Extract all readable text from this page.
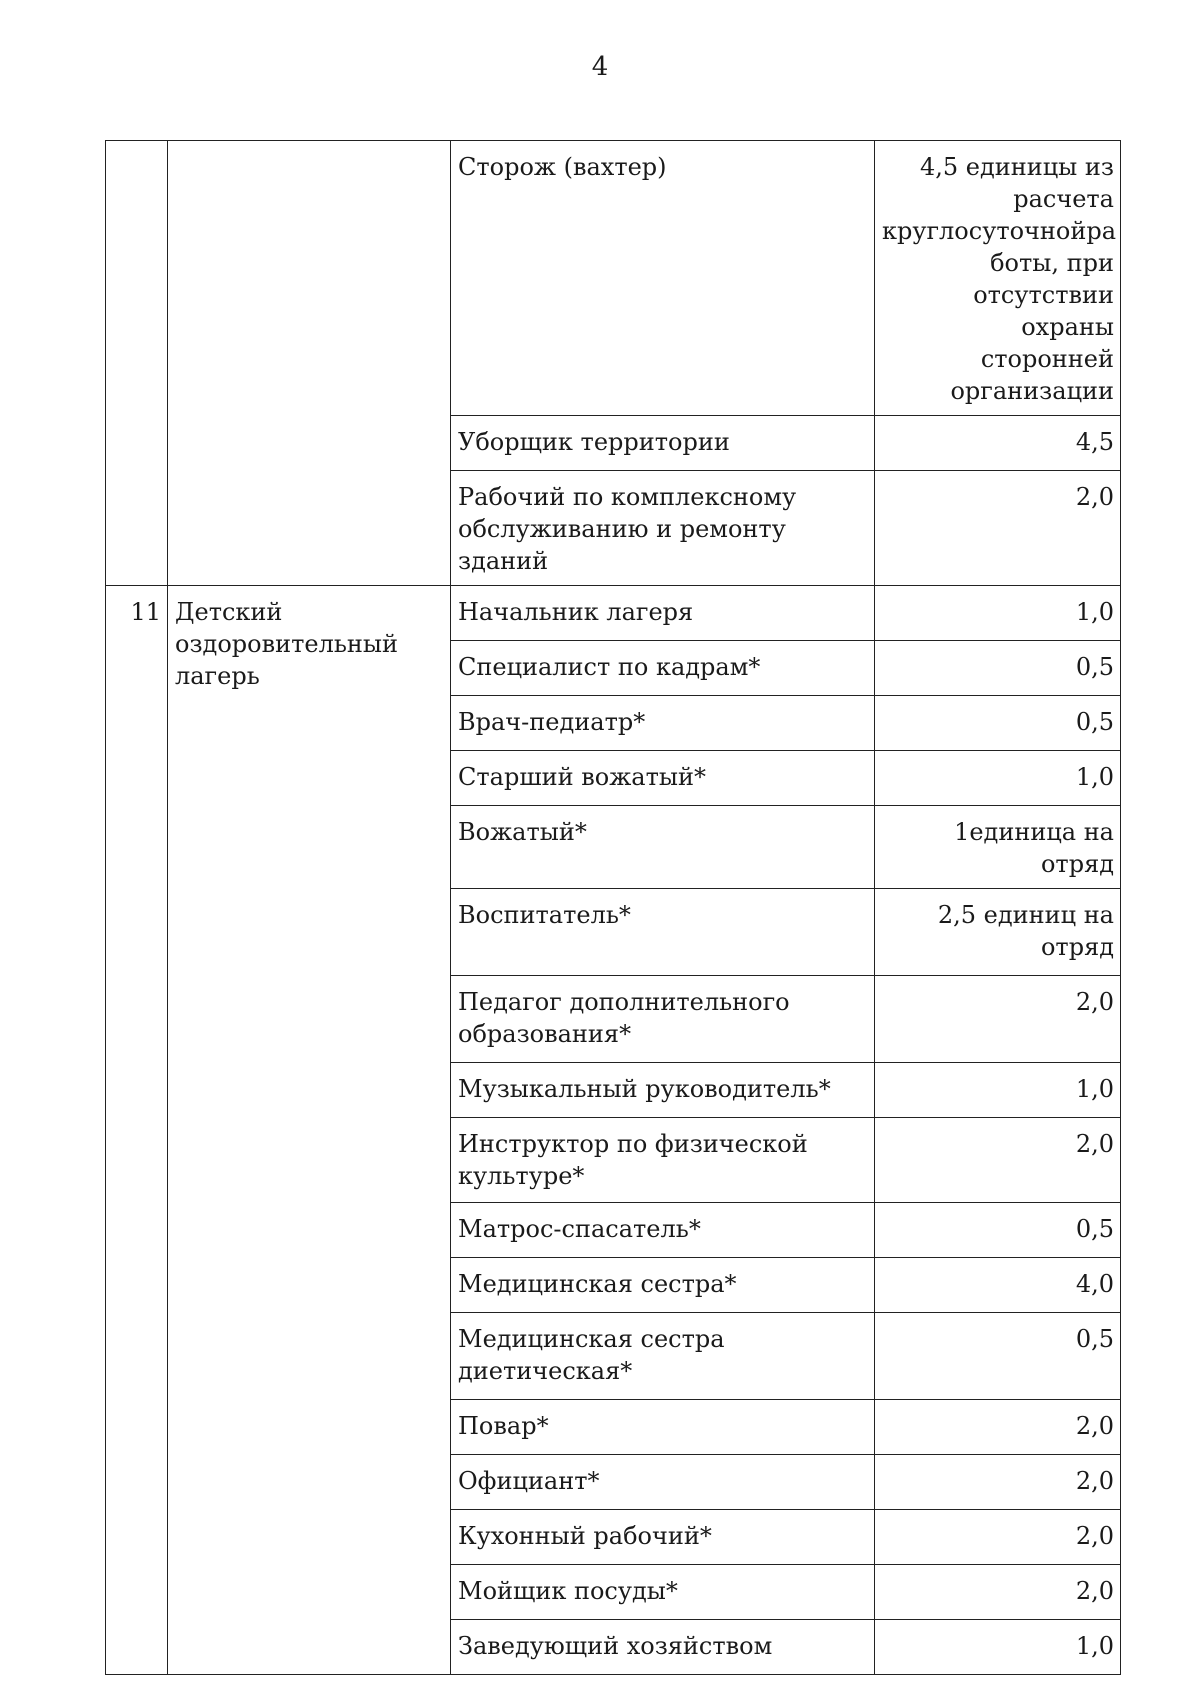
4
		Сторож (вахтер)	4,5 единицы из расчета круглосуточнойра боты, при отсутствии охраны сторонней организации
		Уборщик территории	4,5
		Рабочий по комплексному обслуживанию и ремонту зданий	2,0
11	Детский оздоровительный лагерь	Начальник лагеря	1,0
		Специалист по кадрам*	0,5
		Врач-педиатр*	0,5
		Старший вожатый*	1,0
		Вожатый*	1единица на отряд
		Воспитатель*	2,5 единиц на отряд
		Педагог дополнительного образования*	2,0
		Музыкальный руководитель*	1,0
		Инструктор по физической культуре*	2,0
		Матрос-спасатель*	0,5
		Медицинская сестра*	4,0
		Медицинская сестра диетическая*	0,5
		Повар*	2,0
		Официант*	2,0
		Кухонный рабочий*	2,0
		Мойщик посуды*	2,0
		Заведующий хозяйством	1,0
